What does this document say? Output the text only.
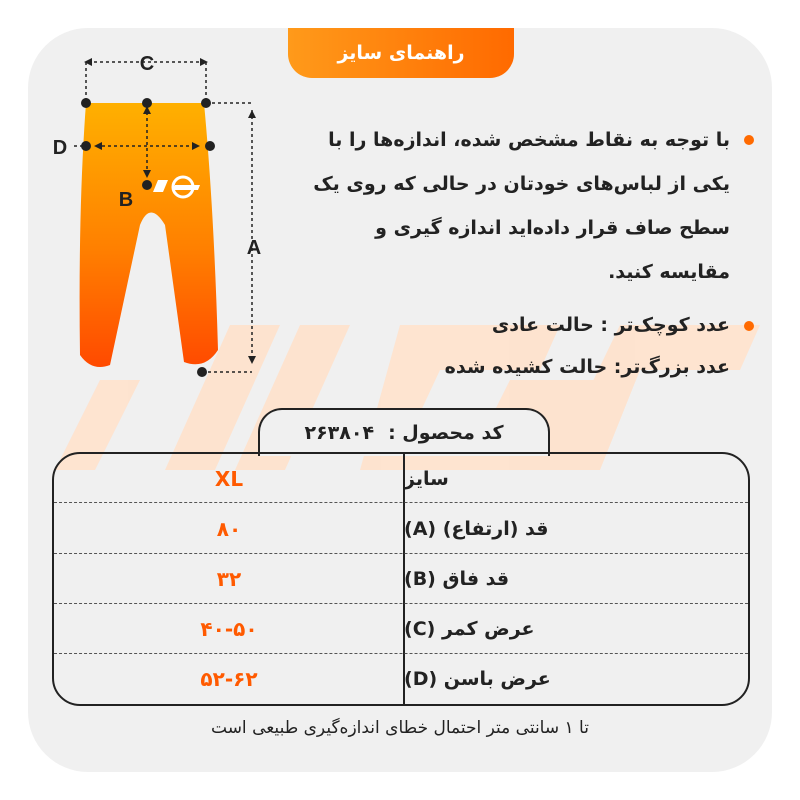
راهنمای سایز
C
D
B
A
با توجه به نقاط مشخص شده، اندازه‌ها را با یکی از لباس‌های خودتان در حالی که روی یک سطح صاف قرار داده‌اید اندازه گیری و مقایسه کنید.
عدد کوچک‌تر : حالت عادی
عدد بزرگ‌تر: حالت کشیده شده
کد محصول :
۲۶۳۸۰۴
XL	سایز
۸۰	قد (ارتفاع) (A)
۳۲	قد فاق (B)
۴۰-۵۰	عرض کمر (C)
۵۲-۶۲	عرض باسن (D)
تا ۱ سانتی متر احتمال خطای اندازه‌گیری طبیعی است
